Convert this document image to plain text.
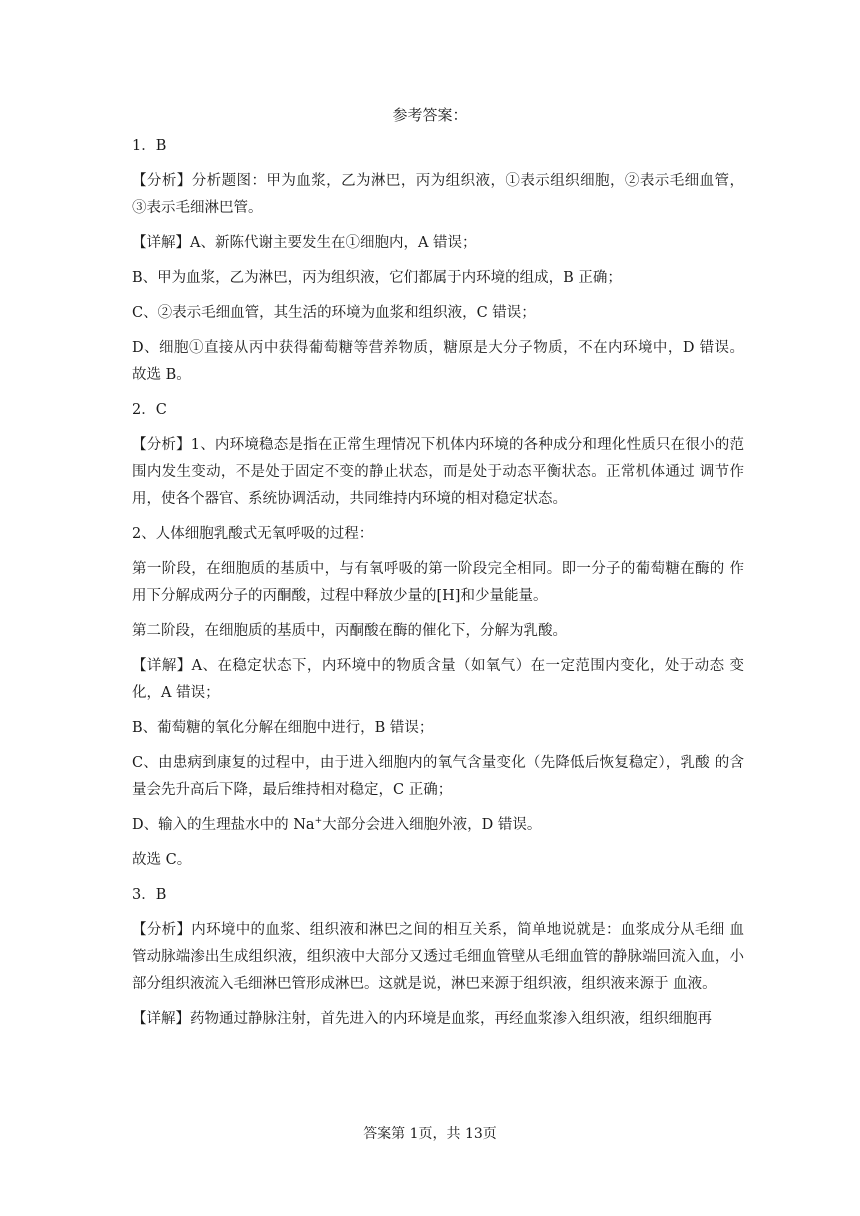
参考答案：

1．B

【分析】分析题图：甲为血浆，乙为淋巴，丙为组织液，①表示组织细胞，②表示毛细血管， ③表示毛细淋巴管。

【详解】A、新陈代谢主要发生在①细胞内，A 错误；

B、甲为血浆，乙为淋巴，丙为组织液，它们都属于内环境的组成，B 正确；

C、②表示毛细血管，其生活的环境为血浆和组织液，C 错误；

D、细胞①直接从丙中获得葡萄糖等营养物质，糖原是大分子物质，不在内环境中，D 错误。 故选 B。

2．C

【分析】1、内环境稳态是指在正常生理情况下机体内环境的各种成分和理化性质只在很小的范围内发生变动，不是处于固定不变的静止状态，而是处于动态平衡状态。正常机体通过 调节作用，使各个器官、系统协调活动，共同维持内环境的相对稳定状态。

2、人体细胞乳酸式无氧呼吸的过程：

第一阶段，在细胞质的基质中，与有氧呼吸的第一阶段完全相同。即一分子的葡萄糖在酶的 作用下分解成两分子的丙酮酸，过程中释放少量的[H]和少量能量。

第二阶段，在细胞质的基质中，丙酮酸在酶的催化下，分解为乳酸。

【详解】A、在稳定状态下，内环境中的物质含量（如氧气）在一定范围内变化，处于动态 变化，A 错误；

B、葡萄糖的氧化分解在细胞中进行，B 错误；

C、由患病到康复的过程中，由于进入细胞内的氧气含量变化（先降低后恢复稳定），乳酸 的含量会先升高后下降，最后维持相对稳定，C 正确；

D、输入的生理盐水中的 Na+大部分会进入细胞外液，D 错误。

故选 C。

3．B

【分析】内环境中的血浆、组织液和淋巴之间的相互关系，简单地说就是：血浆成分从毛细 血管动脉端渗出生成组织液，组织液中大部分又透过毛细血管壁从毛细血管的静脉端回流入血，小部分组织液流入毛细淋巴管形成淋巴。这就是说，淋巴来源于组织液，组织液来源于 血液。

【详解】药物通过静脉注射，首先进入的内环境是血浆，再经血浆渗入组织液，组织细胞再

答案第 1页，共 13页
